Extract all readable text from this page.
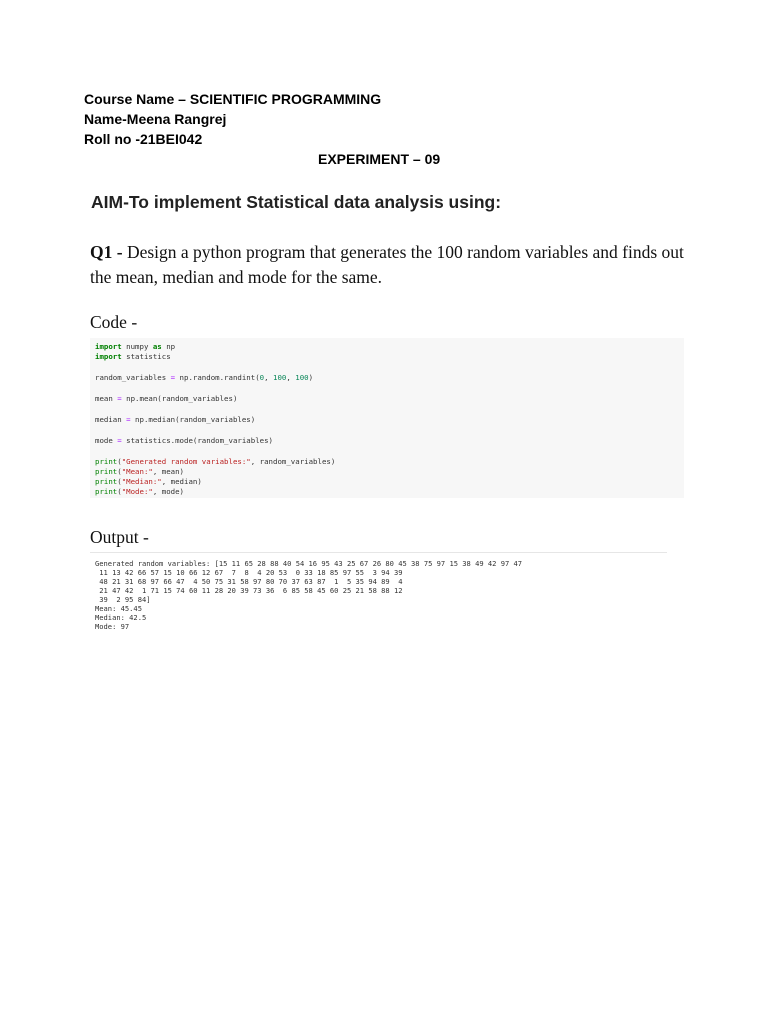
Course Name – SCIENTIFIC PROGRAMMING
Name-Meena Rangrej
Roll no -21BEI042
EXPERIMENT – 09
AIM-To implement Statistical data analysis using:
Q1 - Design a python program that generates the 100 random variables and finds out the mean, median and mode for the same.
Code -
import numpy as np
import statistics
random_variables = np.random.randint(0, 100, 100)
mean = np.mean(random_variables)
median = np.median(random_variables)
mode = statistics.mode(random_variables)
print("Generated random variables:", random_variables)
print("Mean:", mean)
print("Median:", median)
print("Mode:", mode)
Output -
Generated random variables: [15 11 65 28 88 40 54 16 95 43 25 67 26 80 45 38 75 97 15 38 49 42 97 47
11 13 42 66 57 15 10 66 12 67  7  8  4 20 53  0 33 18 85 97 55  3 94 39
48 21 31 68 97 66 47  4 50 75 31 58 97 80 70 37 63 87  1  5 35 94 89  4
21 47 42  1 71 15 74 60 11 28 20 39 73 36  6 85 58 45 60 25 21 58 88 12
39  2 95 84]
Mean: 45.45
Median: 42.5
Mode: 97
